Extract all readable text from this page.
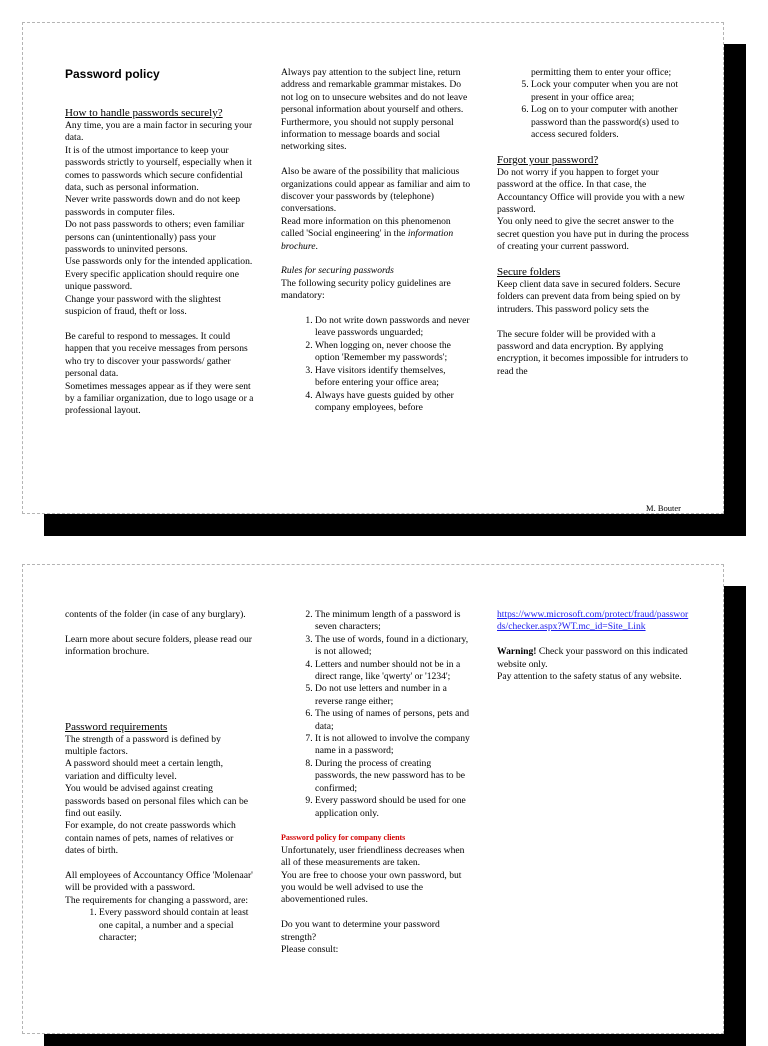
Password policy

How to handle passwords securely?

Any time, you are a main factor in securing your data.

It is of the utmost importance to keep your passwords strictly to yourself, especially when it comes to passwords which secure confidential data, such as personal information.

Never write passwords down and do not keep passwords in computer files.

Do not pass passwords to others; even familiar persons can (unintentionally) pass your passwords to uninvited persons.

Use passwords only for the intended application. Every specific application should require one unique password.

Change your password with the slightest suspicion of fraud, theft or loss.

Be careful to respond to messages. It could happen that you receive messages from persons who try to discover your passwords/ gather personal data.

Sometimes messages appear as if they were sent by a familiar organization, due to logo usage or a professional layout.

Always pay attention to the subject line, return address and remarkable grammar mistakes. Do not log on to unsecure websites and do not leave personal information about yourself and others.

Furthermore, you should not supply personal information to message boards and social networking sites.

Also be aware of the possibility that malicious organizations could appear as familiar and aim to discover your passwords by (telephone) conversations.

Read more information on this phenomenon called 'Social engineering' in the information brochure.

Rules for securing passwords

The following security policy guidelines are mandatory:

1. Do not write down passwords and never leave passwords unguarded;
2. When logging on, never choose the option 'Remember my passwords';
3. Have visitors identify themselves, before entering your office area;
4. Always have guests guided by other company employees, before

permitting them to enter your office;

5. Lock your computer when you are not present in your office area;
6. Log on to your computer with another password than the password(s) used to access secured folders.

Forgot your password?

Do not worry if you happen to forget your password at the office. In that case, the Accountancy Office will provide you with a new password.

You only need to give the secret answer to the secret question you have put in during the process of creating your current password.

Secure folders

Keep client data save in secured folders. Secure folders can prevent data from being spied on by intruders. This password policy sets the

The secure folder will be provided with a password and data encryption. By applying encryption, it becomes impossible for intruders to read the

M. Bouter

contents of the folder (in case of any burglary).

Learn more about secure folders, please read our information brochure.

Password requirements

The strength of a password is defined by multiple factors.

A password should meet a certain length, variation and difficulty level.

You would be advised against creating passwords based on personal files which can be find out easily.

For example, do not create passwords which contain names of pets, names of relatives or dates of birth.

All employees of Accountancy Office 'Molenaar' will be provided with a password.

The requirements for changing a password, are:

1. Every password should contain at least one capital, a number and a special character;
2. The minimum length of a password is seven characters;
3. The use of words, found in a dictionary, is not allowed;
4. Letters and number should not be in a direct range, like 'qwerty' or '1234';
5. Do not use letters and number in a reverse range either;
6. The using of names of persons, pets and data;
7. It is not allowed to involve the company name in a password;
8. During the process of creating passwords, the new password has to be confirmed;
9. Every password should be used for one application only.

Password policy for company clients

Unfortunately, user friendliness decreases when all of these measurements are taken.

You are free to choose your own password, but you would be well advised to use the abovementioned rules.

Do you want to determine your password strength?

Please consult:

https://www.microsoft.com/protect/fraud/passwords/checker.aspx?WT.mc_id=Site_Link

Warning! Check your password on this indicated website only.

Pay attention to the safety status of any website.
